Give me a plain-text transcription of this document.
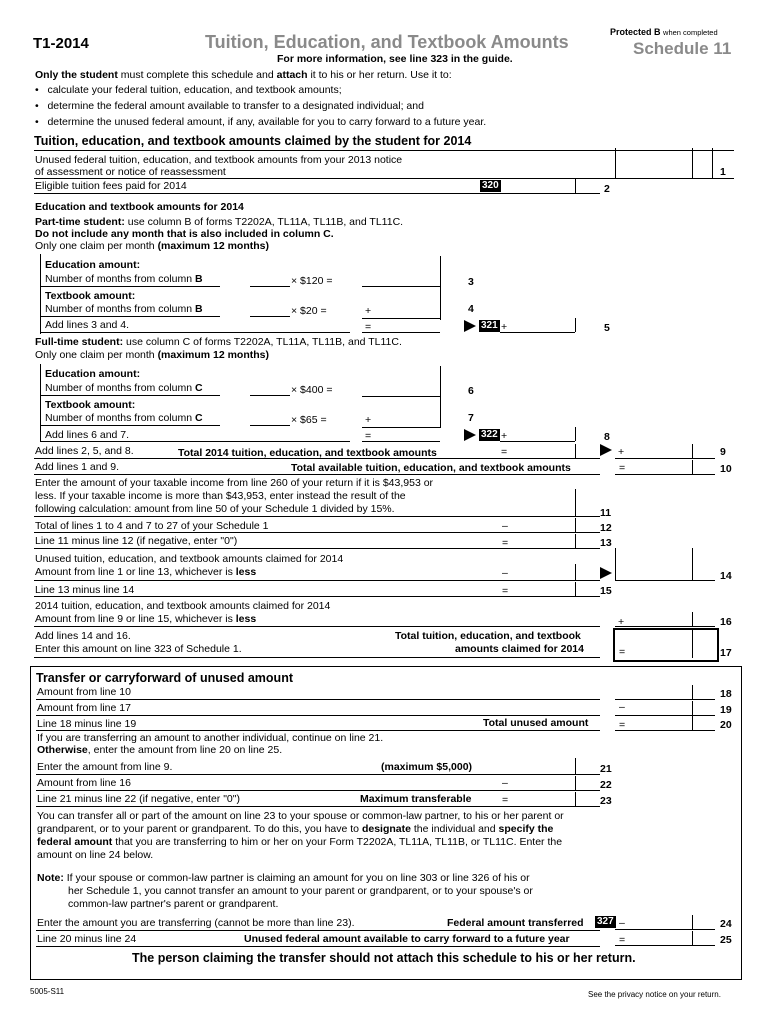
T1-2014	Tuition, Education, and Textbook Amounts
For more information, see line 323 in the guide.
Protected B when completed
Schedule 11
Only the student must complete this schedule and attach it to his or her return. Use it to:
•   calculate your federal tuition, education, and textbook amounts;
•   determine the federal amount available to transfer to a designated individual; and
•   determine the unused federal amount, if any, available for you to carry forward to a future year.
Tuition, education, and textbook amounts claimed by the student for 2014
Unused federal tuition, education, and textbook amounts from your 2013 notice
of assessment or notice of reassessment	1
Eligible tuition fees paid for 2014	320	2
Education and textbook amounts for 2014
Part-time student: use column B of forms T2202A, TL11A, TL11B, and TL11C.
Do not include any month that is also included in column C.
Only one claim per month (maximum 12 months)
Education amount:
Number of months from column B	× $120 =	3
Textbook amount:
Number of months from column B	× $20 =	+	4
Add lines 3 and 4.	=	321 +	5
Full-time student: use column C of forms T2202A, TL11A, TL11B, and TL11C.
Only one claim per month (maximum 12 months)
Education amount:
Number of months from column C	× $400 =	6
Textbook amount:
Number of months from column C	× $65 =	+	7
Add lines 6 and 7.	=	322 +	8
Add lines 2, 5, and 8.	Total 2014 tuition, education, and textbook amounts	=	+	9
Add lines 1 and 9.	Total available tuition, education, and textbook amounts	=	10
Enter the amount of your taxable income from line 260 of your return if it is $43,953 or
less. If your taxable income is more than $43,953, enter instead the result of the
following calculation: amount from line 50 of your Schedule 1 divided by 15%.	11
Total of lines 1 to 4 and 7 to 27 of your Schedule 1	–	12
Line 11 minus line 12 (if negative, enter "0")	=	13
Unused tuition, education, and textbook amounts claimed for 2014
Amount from line 1 or line 13, whichever is less	–	14
Line 13 minus line 14	=	15
2014 tuition, education, and textbook amounts claimed for 2014
Amount from line 9 or line 15, whichever is less	+	16
Add lines 14 and 16.
Enter this amount on line 323 of Schedule 1.
Total tuition, education, and textbook
amounts claimed for 2014	=	17
Transfer or carryforward of unused amount
Amount from line 10	18
Amount from line 17	–	19
Line 18 minus line 19	Total unused amount	=	20
If you are transferring an amount to another individual, continue on line 21.
Otherwise, enter the amount from line 20 on line 25.
Enter the amount from line 9.	(maximum $5,000)	21
Amount from line 16	–	22
Line 21 minus line 22 (if negative, enter "0")	Maximum transferable	=	23
You can transfer all or part of the amount on line 23 to your spouse or common-law partner, to his or her parent or
grandparent, or to your parent or grandparent. To do this, you have to designate the individual and specify the
federal amount that you are transferring to him or her on your Form T2202A, TL11A, TL11B, or TL11C. Enter the
amount on line 24 below.
Note: If your spouse or common-law partner is claiming an amount for you on line 303 or line 326 of his or
her Schedule 1, you cannot transfer an amount to your parent or grandparent, or to your spouse's or
common-law partner's parent or grandparent.
Enter the amount you are transferring (cannot be more than line 23).	Federal amount transferred 327 –	24
Line 20 minus line 24	Unused federal amount available to carry forward to a future year	=	25
The person claiming the transfer should not attach this schedule to his or her return.
5005-S11	See the privacy notice on your return.
